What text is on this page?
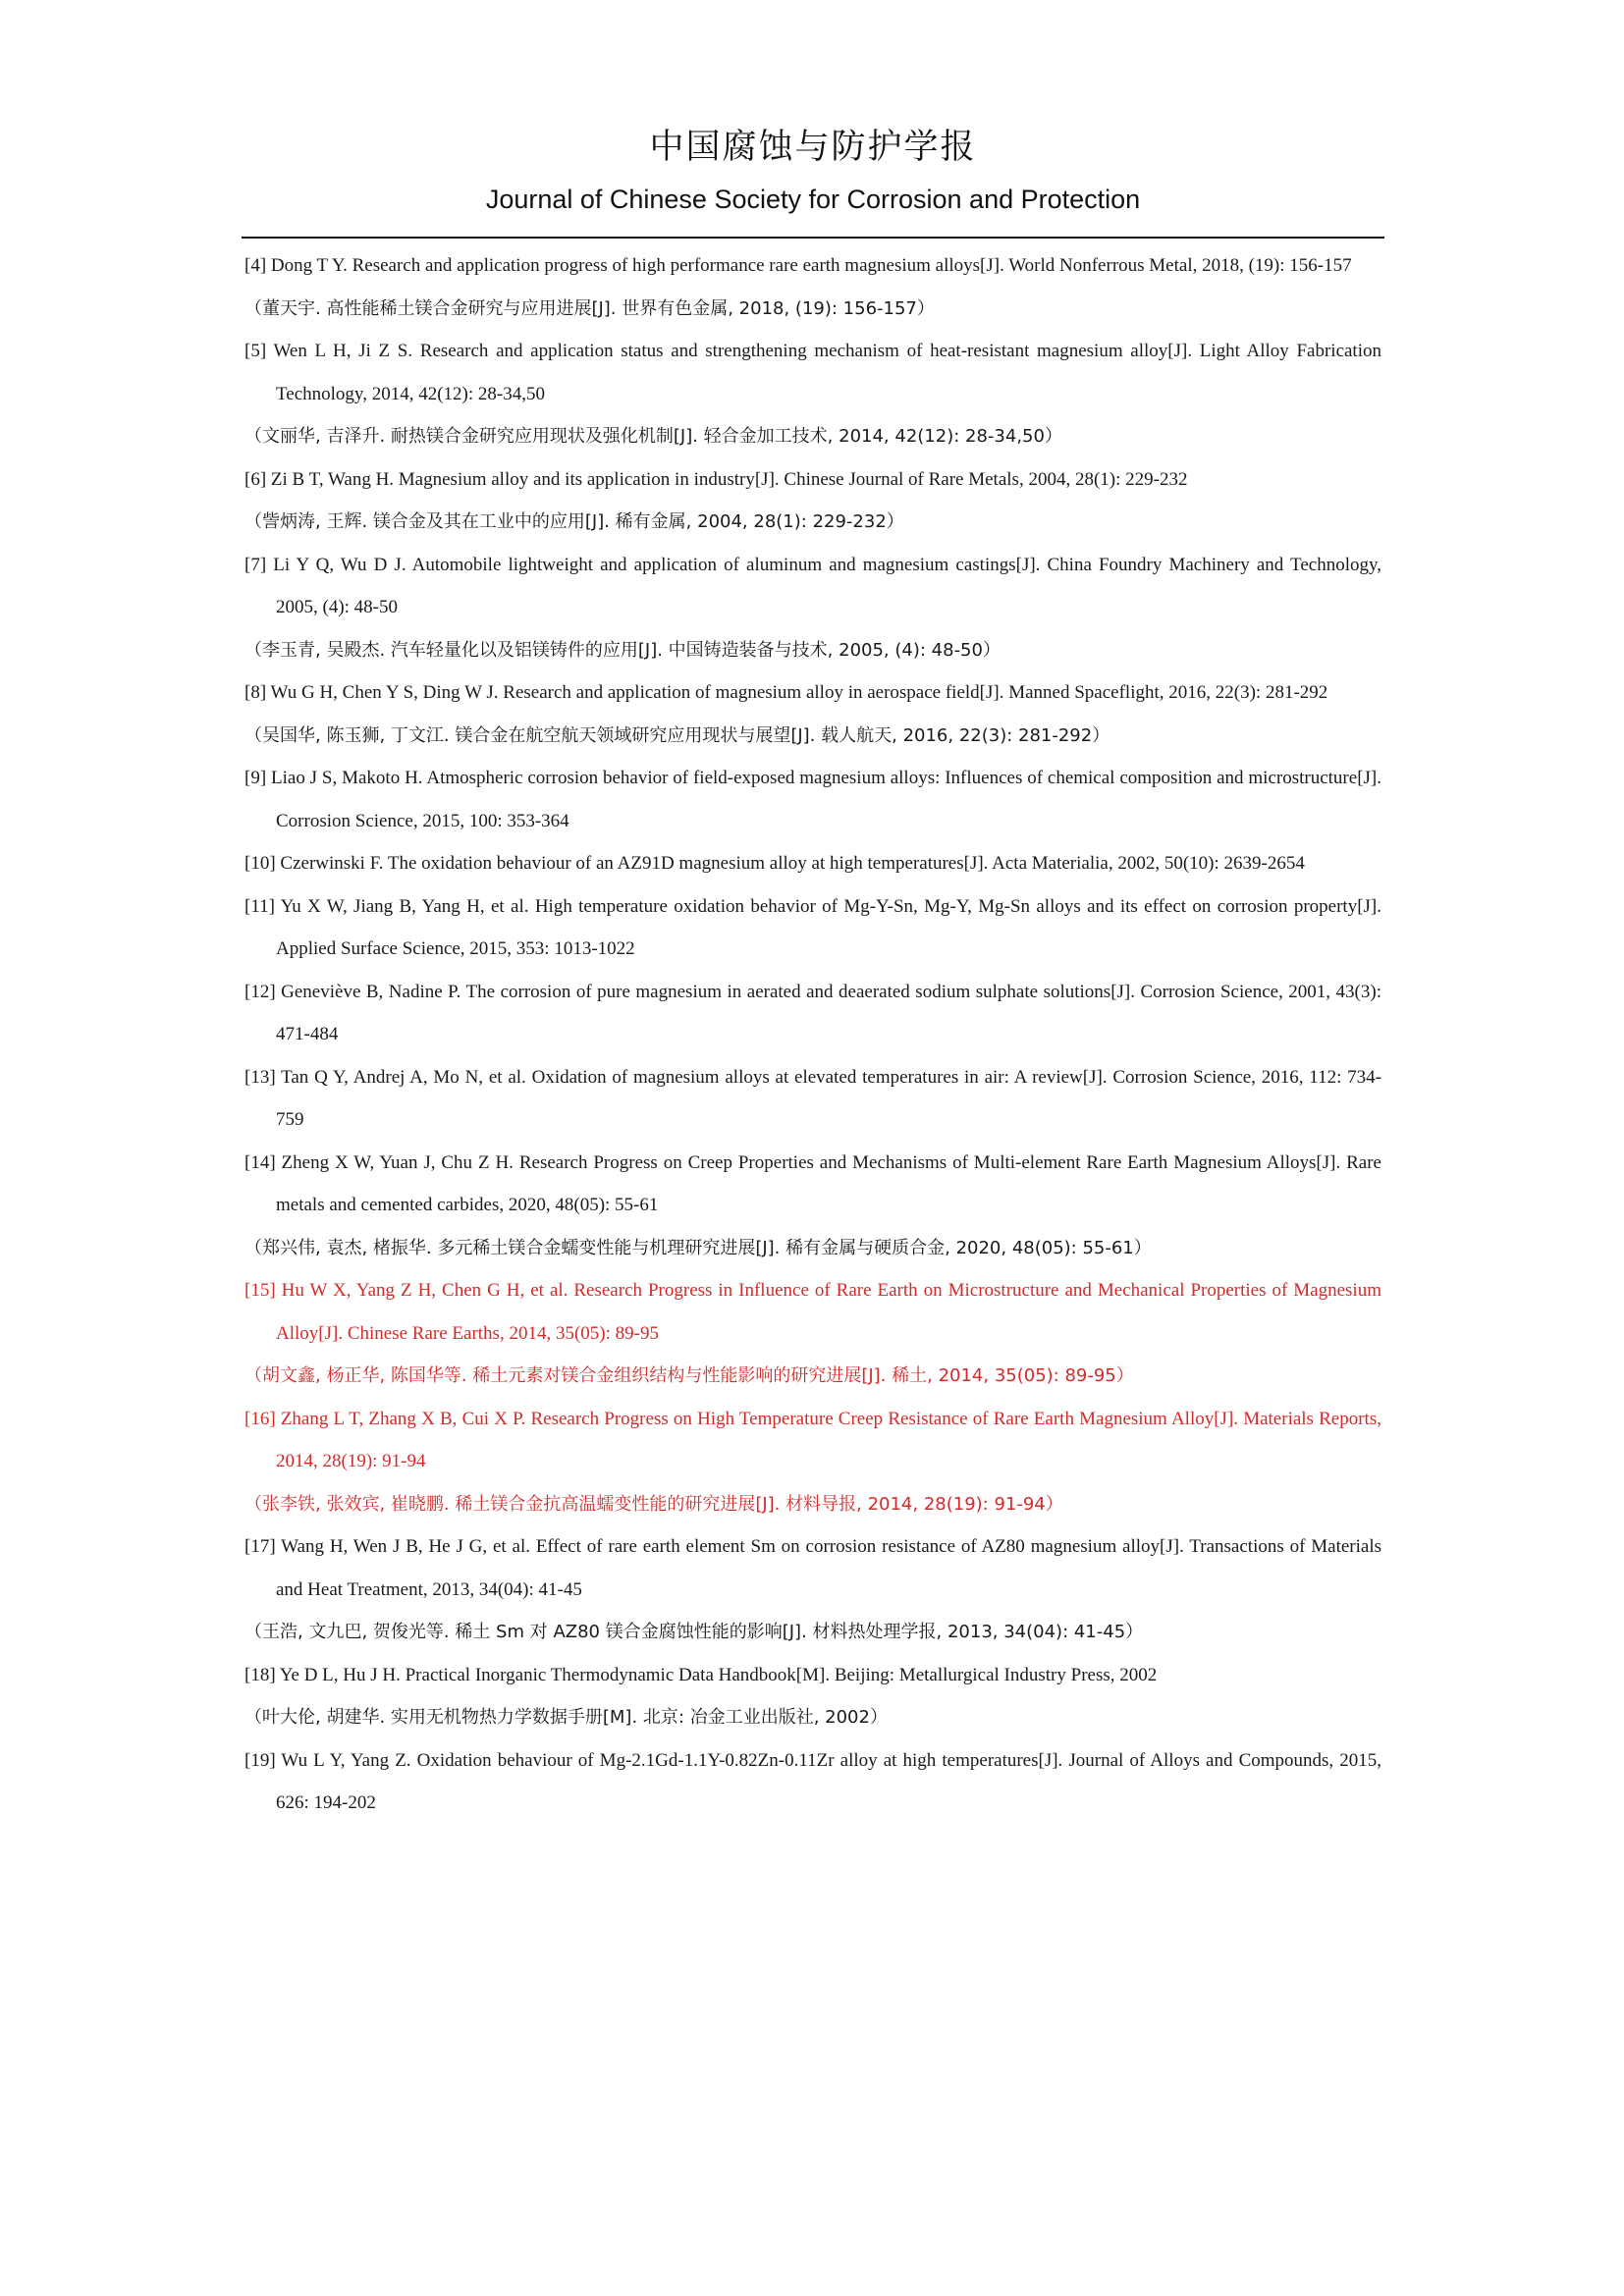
中国腐蚀与防护学报
Journal of Chinese Society for Corrosion and Protection
[4] Dong T Y. Research and application progress of high performance rare earth magnesium alloys[J]. World Nonferrous Metal, 2018, (19): 156-157
（董天宇. 高性能稀土镁合金研究与应用进展[J]. 世界有色金属, 2018, (19): 156-157）
[5] Wen L H, Ji Z S. Research and application status and strengthening mechanism of heat-resistant magnesium alloy[J]. Light Alloy Fabrication Technology, 2014, 42(12): 28-34,50
（文丽华, 吉泽升. 耐热镁合金研究应用现状及强化机制[J]. 轻合金加工技术, 2014, 42(12): 28-34,50）
[6] Zi B T, Wang H. Magnesium alloy and its application in industry[J]. Chinese Journal of Rare Metals, 2004, 28(1): 229-232
（訾炳涛, 王辉. 镁合金及其在工业中的应用[J]. 稀有金属, 2004, 28(1): 229-232）
[7] Li Y Q, Wu D J. Automobile lightweight and application of aluminum and magnesium castings[J]. China Foundry Machinery and Technology, 2005, (4): 48-50
（李玉青, 吴殿杰. 汽车轻量化以及铝镁铸件的应用[J]. 中国铸造装备与技术, 2005, (4): 48-50）
[8] Wu G H, Chen Y S, Ding W J. Research and application of magnesium alloy in aerospace field[J]. Manned Spaceflight, 2016, 22(3): 281-292
（吴国华, 陈玉狮, 丁文江. 镁合金在航空航天领域研究应用现状与展望[J]. 载人航天, 2016, 22(3): 281-292）
[9] Liao J S, Makoto H. Atmospheric corrosion behavior of field-exposed magnesium alloys: Influences of chemical composition and microstructure[J]. Corrosion Science, 2015, 100: 353-364
[10] Czerwinski F. The oxidation behaviour of an AZ91D magnesium alloy at high temperatures[J]. Acta Materialia, 2002, 50(10): 2639-2654
[11] Yu X W, Jiang B, Yang H, et al. High temperature oxidation behavior of Mg-Y-Sn, Mg-Y, Mg-Sn alloys and its effect on corrosion property[J]. Applied Surface Science, 2015, 353: 1013-1022
[12] Geneviève B, Nadine P. The corrosion of pure magnesium in aerated and deaerated sodium sulphate solutions[J]. Corrosion Science, 2001, 43(3): 471-484
[13] Tan Q Y, Andrej A, Mo N, et al. Oxidation of magnesium alloys at elevated temperatures in air: A review[J]. Corrosion Science, 2016, 112: 734-759
[14] Zheng X W, Yuan J, Chu Z H. Research Progress on Creep Properties and Mechanisms of Multi-element Rare Earth Magnesium Alloys[J]. Rare metals and cemented carbides, 2020, 48(05): 55-61
（郑兴伟, 袁杰, 楮振华. 多元稀土镁合金蠕变性能与机理研究进展[J]. 稀有金属与硬质合金, 2020, 48(05): 55-61）
[15] Hu W X, Yang Z H, Chen G H, et al. Research Progress in Influence of Rare Earth on Microstructure and Mechanical Properties of Magnesium Alloy[J]. Chinese Rare Earths, 2014, 35(05): 89-95
（胡文鑫, 杨正华, 陈国华等. 稀土元素对镁合金组织结构与性能影响的研究进展[J]. 稀土, 2014, 35(05): 89-95）
[16] Zhang L T, Zhang X B, Cui X P. Research Progress on High Temperature Creep Resistance of Rare Earth Magnesium Alloy[J]. Materials Reports, 2014, 28(19): 91-94
（张李铁, 张效宾, 崔晓鹏. 稀土镁合金抗高温蠕变性能的研究进展[J]. 材料导报, 2014, 28(19): 91-94）
[17] Wang H, Wen J B, He J G, et al. Effect of rare earth element Sm on corrosion resistance of AZ80 magnesium alloy[J]. Transactions of Materials and Heat Treatment, 2013, 34(04): 41-45
（王浩, 文九巴, 贺俊光等. 稀土 Sm 对 AZ80 镁合金腐蚀性能的影响[J]. 材料热处理学报, 2013, 34(04): 41-45）
[18] Ye D L, Hu J H. Practical Inorganic Thermodynamic Data Handbook[M]. Beijing: Metallurgical Industry Press, 2002
（叶大伦, 胡建华. 实用无机物热力学数据手册[M]. 北京: 冶金工业出版社, 2002）
[19] Wu L Y, Yang Z. Oxidation behaviour of Mg-2.1Gd-1.1Y-0.82Zn-0.11Zr alloy at high temperatures[J]. Journal of Alloys and Compounds, 2015, 626: 194-202
